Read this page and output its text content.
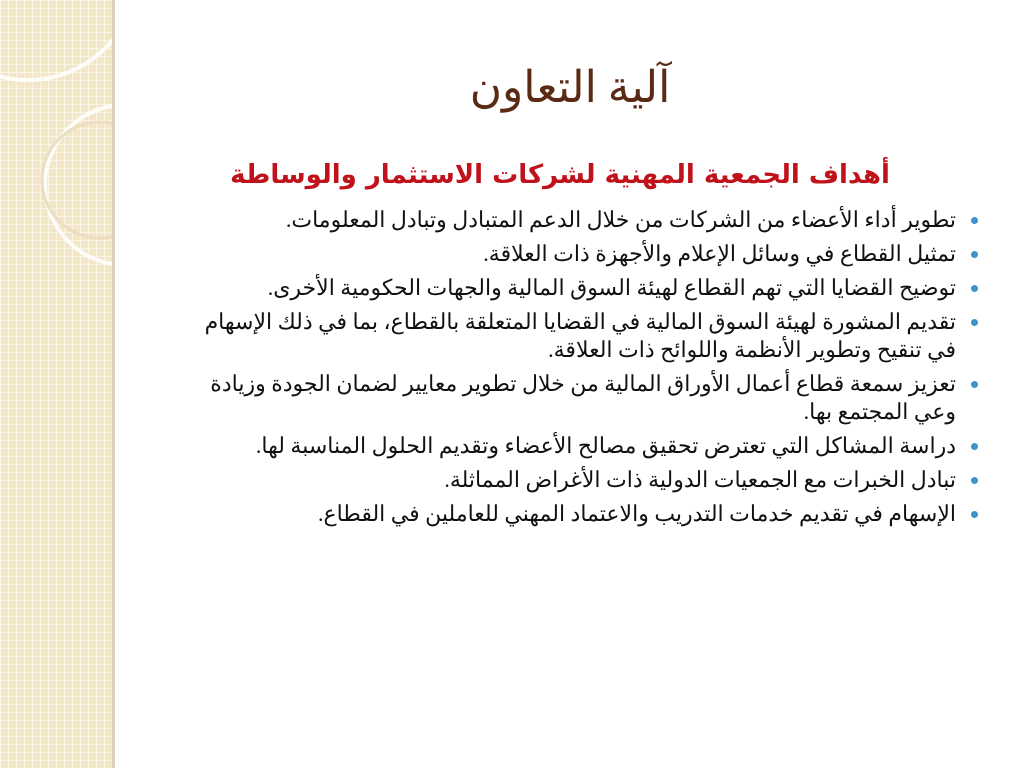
آلية التعاون
أهداف الجمعية المهنية لشركات الاستثمار والوساطة
تطوير أداء الأعضاء من الشركات من خلال الدعم المتبادل وتبادل المعلومات.
تمثيل القطاع في وسائل الإعلام والأجهزة ذات العلاقة.
توضيح القضايا التي تهم القطاع لهيئة السوق المالية والجهات الحكومية الأخرى.
تقديم المشورة لهيئة السوق المالية في القضايا المتعلقة بالقطاع، بما في ذلك الإسهام في تنقيح وتطوير الأنظمة واللوائح ذات العلاقة.
تعزيز سمعة قطاع أعمال الأوراق المالية من خلال تطوير معايير لضمان الجودة وزيادة وعي المجتمع بها.
دراسة المشاكل التي تعترض تحقيق مصالح الأعضاء وتقديم الحلول المناسبة لها.
تبادل الخبرات مع الجمعيات الدولية ذات الأغراض المماثلة.
الإسهام في تقديم خدمات التدريب والاعتماد المهني للعاملين في القطاع.
